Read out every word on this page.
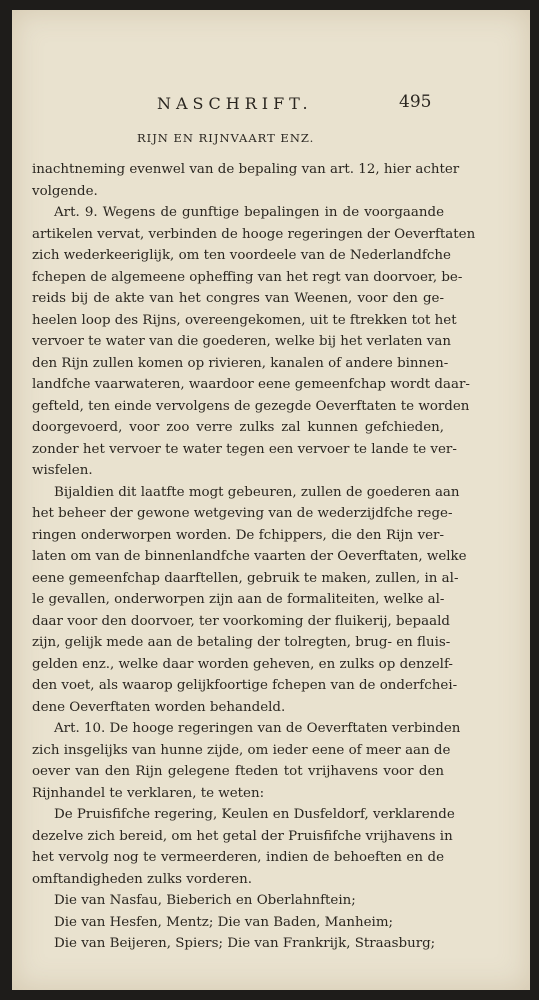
NASCHRIFT.	495
RIJN EN RIJNVAART ENZ.
inachtneming evenwel van de bepaling van art. 12, hier achter
volgende.
Art. 9. Wegens de gunftige bepalingen in de voorgaande
artikelen vervat, verbinden de hooge regeringen der Oeverftaten
zich wederkeeriglijk, om ten voordeele van de Nederlandfche
fchepen de algemeene opheffing van het regt van doorvoer, be-
reids bij de akte van het congres van Weenen, voor den ge-
heelen loop des Rijns, overeengekomen, uit te ftrekken tot het
vervoer te water van die goederen, welke bij het verlaten van
den Rijn zullen komen op rivieren, kanalen of andere binnen-
landfche vaarwateren, waardoor eene gemeenfchap wordt daar-
gefteld, ten einde vervolgens de gezegde Oeverftaten te worden
doorgevoerd, voor zoo verre zulks zal kunnen gefchieden,
zonder het vervoer te water tegen een vervoer te lande te ver-
wisfelen.
Bijaldien dit laatfte mogt gebeuren, zullen de goederen aan
het beheer der gewone wetgeving van de wederzijdfche rege-
ringen onderworpen worden. De fchippers, die den Rijn ver-
laten om van de binnenlandfche vaarten der Oeverftaten, welke
eene gemeenfchap daarftellen, gebruik te maken, zullen, in al-
le gevallen, onderworpen zijn aan de formaliteiten, welke al-
daar voor den doorvoer, ter voorkoming der fluikerij, bepaald
zijn, gelijk mede aan de betaling der tolregten, brug- en fluis-
gelden enz., welke daar worden geheven, en zulks op denzelf-
den voet, als waarop gelijkfoortige fchepen van de onderfchei-
dene Oeverftaten worden behandeld.
Art. 10. De hooge regeringen van de Oeverftaten verbinden
zich insgelijks van hunne zijde, om ieder eene of meer aan de
oever van den Rijn gelegene fteden tot vrijhavens voor den
Rijnhandel te verklaren, te weten:
De Pruisfifche regering, Keulen en Dusfeldorf, verklarende
dezelve zich bereid, om het getal der Pruisfifche vrijhavens in
het vervolg nog te vermeerderen, indien de behoeften en de
omftandigheden zulks vorderen.
Die van Nasfau, Bieberich en Oberlahnftein;
Die van Hesfen, Mentz; Die van Baden, Manheim;
Die van Beijeren, Spiers; Die van Frankrijk, Straasburg;
